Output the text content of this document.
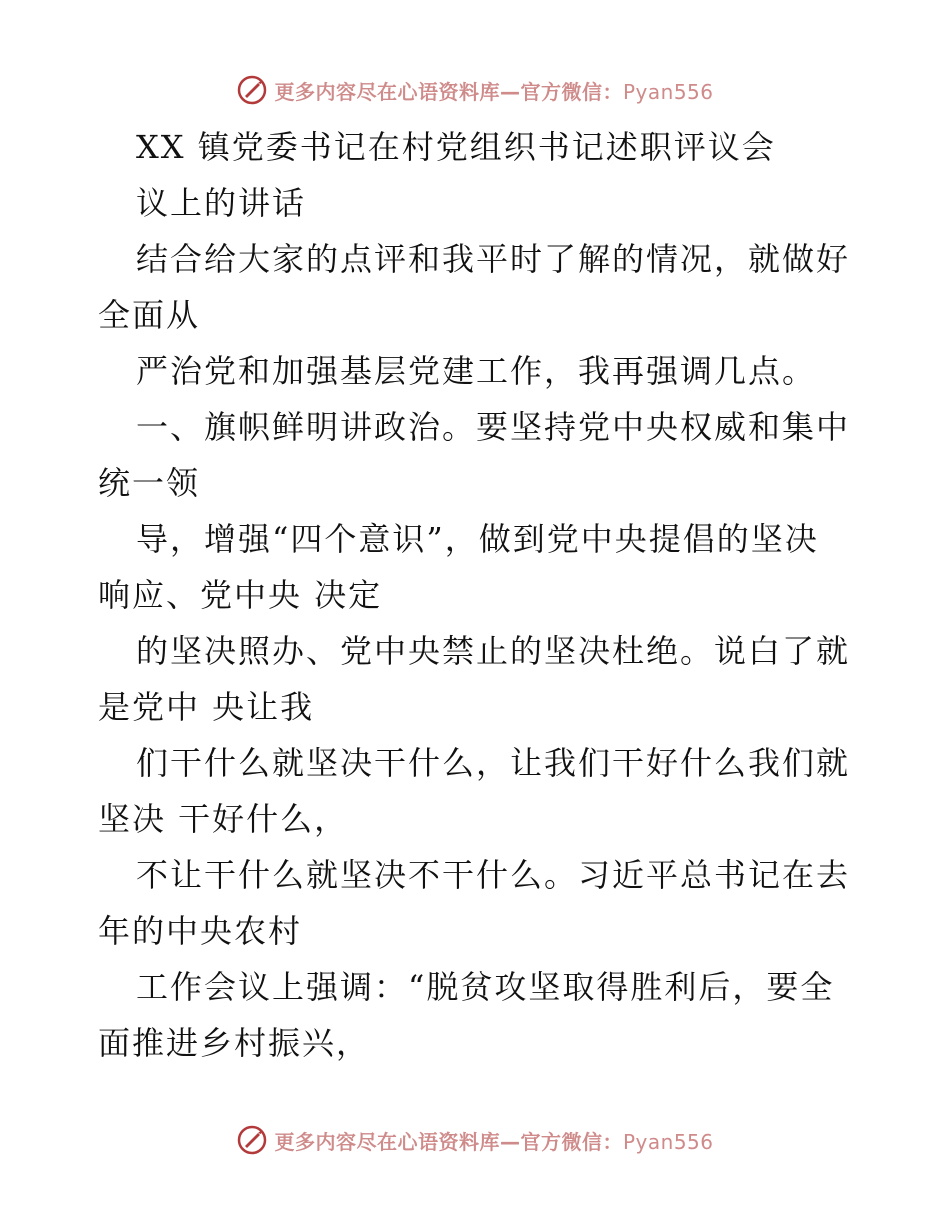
更多内容尽在心语资料库—官方微信：Pyan556
XX 镇党委书记在村党组织书记述职评议会
议上的讲话
结合给大家的点评和我平时了解的情况，就做好
全面从
严治党和加强基层党建工作，我再强调几点。
一、旗帜鲜明讲政治。要坚持党中央权威和集中
统一领
导，增强“四个意识”，做到党中央提倡的坚决
响应、党中央 决定
的坚决照办、党中央禁止的坚决杜绝。说白了就
是党中 央让我
们干什么就坚决干什么，让我们干好什么我们就
坚决 干好什么，
不让干什么就坚决不干什么。习近平总书记在去
年的中央农村
工作会议上强调：“脱贫攻坚取得胜利后，要全
面推进乡村振兴，
更多内容尽在心语资料库—官方微信：Pyan556
